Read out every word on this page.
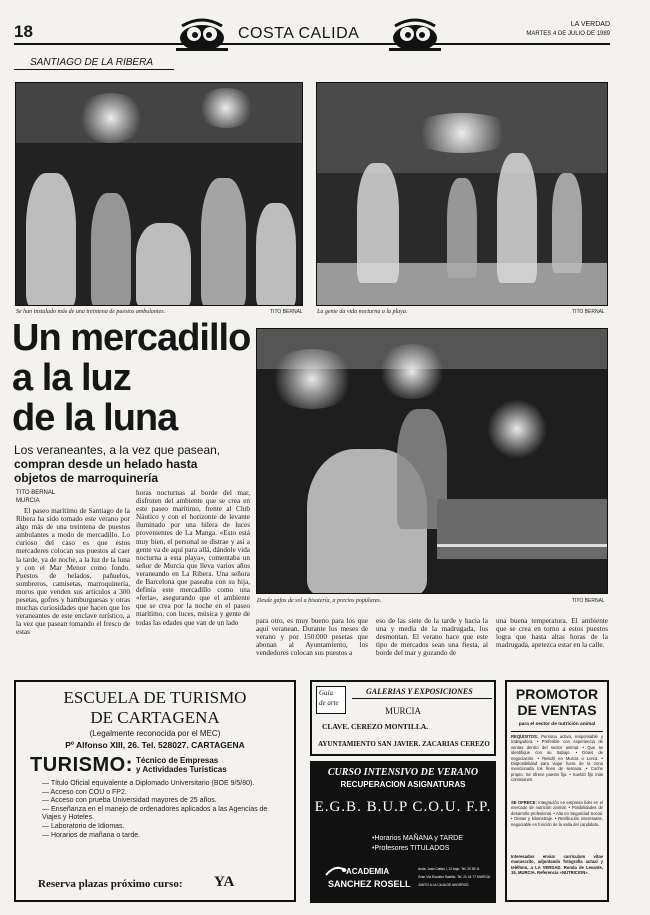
18	COSTA CALIDA
LA VERDAD
MARTES 4 DE JULIO DE 1989
SANTIAGO DE LA RIBERA
Se han instalado más de una treintena de puestos ambulantes.	TITO BERNAL La gente da vida nocturna a la playa.	TITO BERNAL
Un mercadillo
a la luz
de la luna
Los veraneantes, a la vez que pasean,
compran desde un helado hasta
objetos de marroquinería
TITO BERNAL
MURCIA
Desde gafas de sol a bisutería, a precios populares.	TITO BERNAL

El paseo marítimo de Santiago de la Ribera ha sido tomado este verano por algo más de una treintena de puestos ambulantes a modo de mercadillo. Lo curioso del caso es que estos mercaderes colocan sus puestos al caer la tarde, ya de noche, a la luz de la luna y con el Mar Menor como fondo. Puestos de helados, pañuelos, sombreros, camisetas, marroquinería, moros que venden sus artículos a 300 pesetas, gofres y hamburguesas y otras muchas curiosidades que hacen que los veraneantes de este enclave turístico, a la vez que pasean tomando el fresco de estas

horas nocturnas al borde del mar, disfruten del ambiente que se crea en este paseo marítimo, frente al Club Náutico y con el horizonte de levante iluminado por una hilera de luces provenientes de La Manga. «Esto está muy bien, el personal se distrae y así a gente va de aquí para allá, dándole vida nocturna a esta playa», comentaba un señor de Murcia que lleva varios años veraneando en La Ribera. Una señora de Barcelona que paseaba con su hija, definía este mercadillo como una «feria», asegurando que el ambiente que se crea por la noche en el paseo marítimo, con luces, música y gente de todas las edades que van de un lado	para otro, es muy bueno para los que aquí veranean. Durante los meses de verano y por 150.000 pesetas que abonan al Ayuntamiento, los vendedores colocan sus puestos a

eso de las siete de la tarde y hacia la una y media de la madrugada, los desmontan. El verano hace que este tipo de mercados sean una fiesta, al borde del mar y gozando de

una buena temperatura. El ambiente que se crea en torno a estos puestos logra que hasta altas horas de la madrugada, apetezca estar en la calle.

ESCUELA DE TURISMO
DE CARTAGENA
(Legalmente reconocida por el MEC)
Pº Alfonso XIII, 26. Tel. 528027. CARTAGENA
TURISMO: Técnico de Empresas
y Actividades Turísticas
— Título Oficial equivalente a Diplomado Universitario (BOE 9/5/80).
— Acceso con COU o FP2.
— Acceso con prueba Universidad mayores de 25 años.
— Enseñanza en el manejo de ordenadores aplicados a las Agencias de Viajes y Hoteles.
— Laboratorio de Idiomas.
— Horarios de mañana o tarde.
Reserva plazas próximo curso: YA
Guía
de arte
GALERIAS Y EXPOSICIONES
MURCIA
CLAVE. CEREZO MONTILLA.
AYUNTAMIENTO SAN JAVIER. ZACARIAS CEREZO
CURSO INTENSIVO DE VERANO
RECUPERACION ASIGNATURAS
E.G.B. B.U.P C.O.U. F.P.
•Horarios MAÑANA y TARDE
•Profesores TITULADOS
ACADEMIA
SANCHEZ ROSELL
Avda. Juan Carlos I, 12 bajo. Tel. 20 55 11
Gran Vía Escultor Salzillo. Tel. 21 44 77 MURCIA
JUNTO A LA CAJA DE AHORROS
PROMOTOR
DE VENTAS
para el sector de nutrición animal
REQUISITOS: Persona activa, responsable y trabajadora. • Preferible con experiencia de ventas dentro del sector animal. • Que se identifique con su trabajo. • Dotes de negociación. • Residir en Murcia o Lorca. • Disponibilidad para viajar fuera de la zona mencionada los fines de semana. • Coche propio. Se ofrece puesto fijo. • Sueldo fijo más comisiones.
SE OFRECE: Integración en empresa líder en el mercado de nutrición animal. • Posibilidades de desarrollo profesional. • Alta en Seguridad Social. • Dietas y kilometraje. • Retribución interesante, negociable en función de la valía del candidato.
Interesados enviar currículum vitae manuscrito, adjuntando fotografía actual y teléfono, a LA VERDAD. Ronda de Levante, 15. MURCIA. Referencia «NUTRICION».
